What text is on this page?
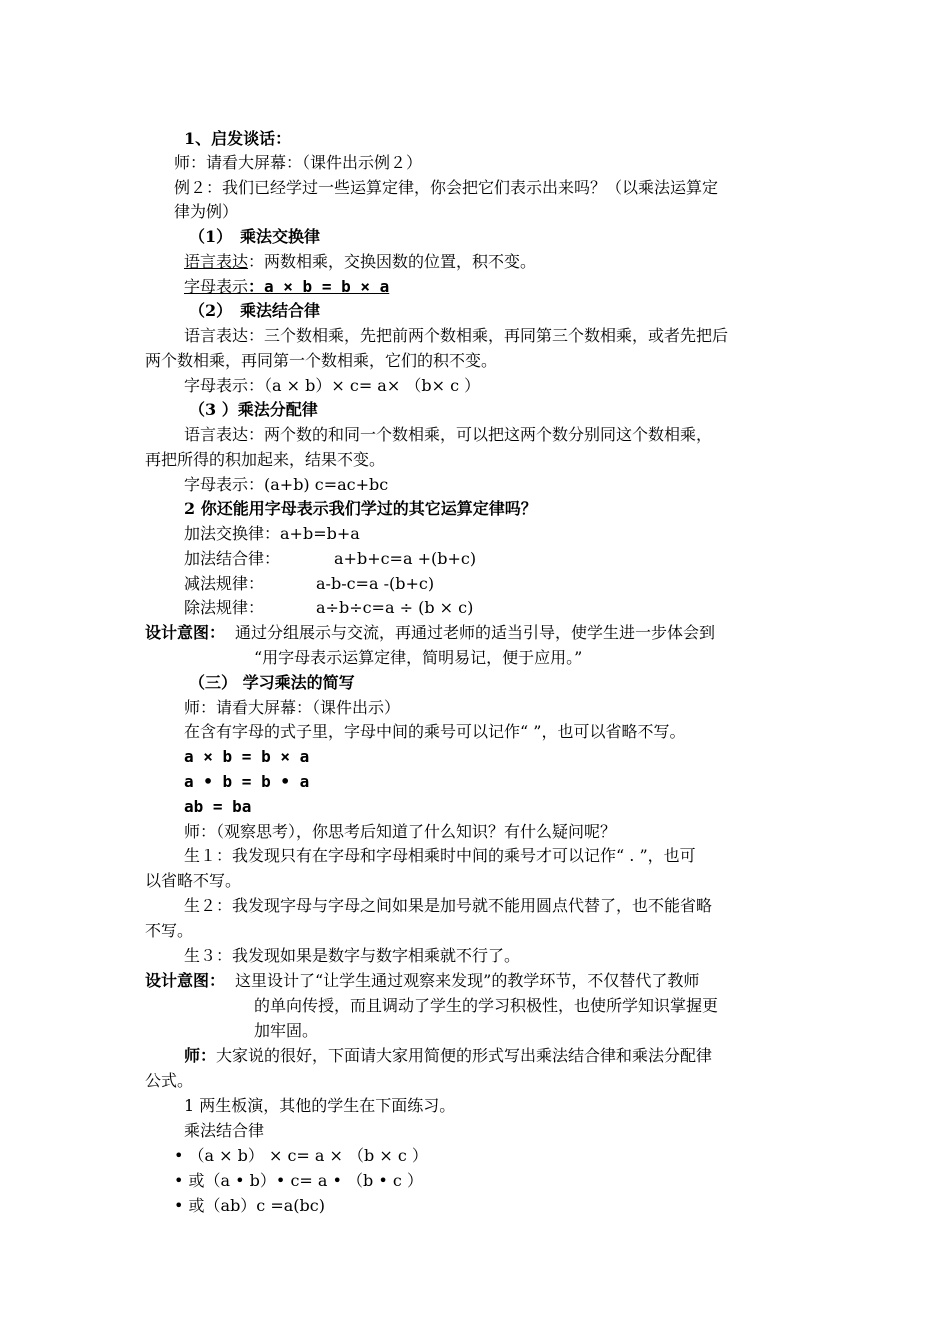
1、启发谈话：
师：请看大屏幕：（课件出示例２）
例２：我们已经学过一些运算定律，你会把它们表示出来吗？（以乘法运算定
律为例）
（1） 乘法交换律
语言表达：两数相乘，交换因数的位置，积不变。
字母表示：a × b = b × a
（2） 乘法结合律
语言表达：三个数相乘，先把前两个数相乘，再同第三个数相乘，或者先把后
两个数相乘，再同第一个数相乘，它们的积不变。
字母表示：（a × b）× c= a× （b× c ）
（3 ）乘法分配律
语言表达：两个数的和同一个数相乘，可以把这两个数分别同这个数相乘，
再把所得的积加起来，结果不变。
字母表示：(a+b) c=ac+bc
2 你还能用字母表示我们学过的其它运算定律吗？
加法交换律：a+b=b+a
加法结合律：	a+b+c=a +(b+c)
减法规律：	a-b-c=a -(b+c)
除法规律：	a÷b÷c=a ÷ (b × c)
设计意图： 通过分组展示与交流，再通过老师的适当引导，使学生进一步体会到
“用字母表示运算定律，简明易记，便于应用。”
（三） 学习乘法的简写
师：请看大屏幕：（课件出示）
在含有字母的式子里，字母中间的乘号可以记作“ ”，也可以省略不写。
a × b = b × a
a • b = b • a
ab = ba
师：（观察思考），你思考后知道了什么知识？有什么疑问呢？
生１：我发现只有在字母和字母相乘时中间的乘号才可以记作“ . ”，也可
以省略不写。
生２：我发现字母与字母之间如果是加号就不能用圆点代替了，也不能省略
不写。
生３：我发现如果是数字与数字相乘就不行了。
设计意图： 这里设计了“让学生通过观察来发现”的教学环节，不仅替代了教师
的单向传授，而且调动了学生的学习积极性，也使所学知识掌握更
加牢固。
师：大家说的很好，下面请大家用简便的形式写出乘法结合律和乘法分配律
公式。
1 两生板演，其他的学生在下面练习。
乘法结合律
• （a × b） × c= a × （b × c ）
• 或（a • b）• c= a • （b • c ）
• 或（ab）c =a(bc)
